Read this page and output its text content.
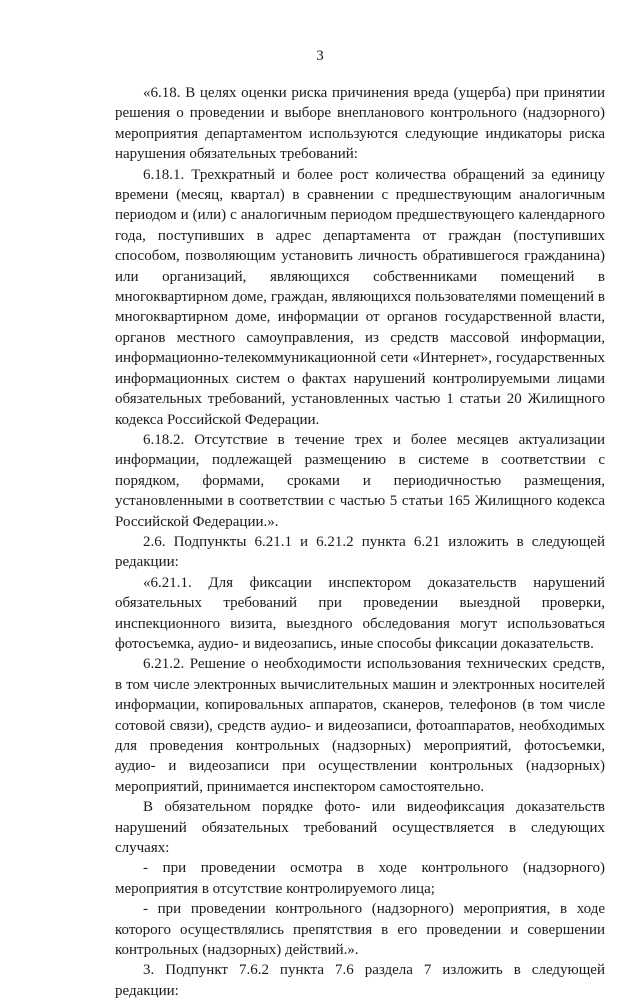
3

«6.18. В целях оценки риска причинения вреда (ущерба) при принятии решения о проведении и выборе внепланового контрольного (надзорного) мероприятия департаментом используются следующие индикаторы риска нарушения обязательных требований:

6.18.1. Трехкратный и более рост количества обращений за единицу времени (месяц, квартал) в сравнении с предшествующим аналогичным периодом и (или) с аналогичным периодом предшествующего календарного года, поступивших в адрес департамента от граждан (поступивших способом, позволяющим установить личность обратившегося гражданина) или организаций, являющихся собственниками помещений в многоквартирном доме, граждан, являющихся пользователями помещений в многоквартирном доме, информации от органов государственной власти, органов местного самоуправления, из средств массовой информации, информационно-телекоммуникационной сети «Интернет», государственных информационных систем о фактах нарушений контролируемыми лицами обязательных требований, установленных частью 1 статьи 20 Жилищного кодекса Российской Федерации.

6.18.2. Отсутствие в течение трех и более месяцев актуализации информации, подлежащей размещению в системе в соответствии с порядком, формами, сроками и периодичностью размещения, установленными в соответствии с частью 5 статьи 165 Жилищного кодекса Российской Федерации.».

2.6. Подпункты 6.21.1 и 6.21.2 пункта 6.21 изложить в следующей редакции:

«6.21.1. Для фиксации инспектором доказательств нарушений обязательных требований при проведении выездной проверки, инспекционного визита, выездного обследования могут использоваться фотосъемка, аудио- и видеозапись, иные способы фиксации доказательств.

6.21.2. Решение о необходимости использования технических средств, в том числе электронных вычислительных машин и электронных носителей информации, копировальных аппаратов, сканеров, телефонов (в том числе сотовой связи), средств аудио- и видеозаписи, фотоаппаратов, необходимых для проведения контрольных (надзорных) мероприятий, фотосъемки, аудио- и видеозаписи при осуществлении контрольных (надзорных) мероприятий, принимается инспектором самостоятельно.

В обязательном порядке фото- или видеофиксация доказательств нарушений обязательных требований осуществляется в следующих случаях:

- при проведении осмотра в ходе контрольного (надзорного) мероприятия в отсутствие контролируемого лица;

- при проведении контрольного (надзорного) мероприятия, в ходе которого осуществлялись препятствия в его проведении и совершении контрольных (надзорных) действий.».

3. Подпункт 7.6.2 пункта 7.6 раздела 7 изложить в следующей редакции:
